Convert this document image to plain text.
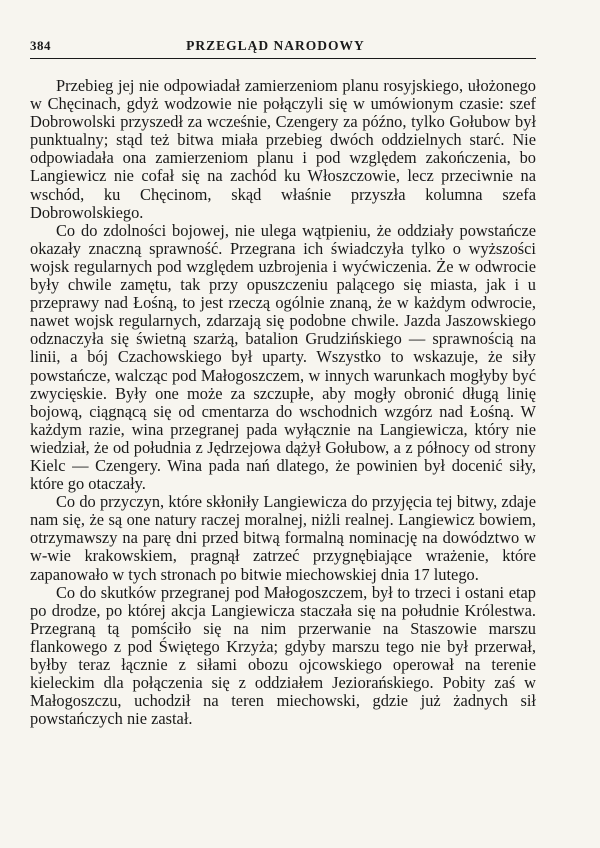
384	PRZEGLĄD NARODOWY

Przebieg jej nie odpowiadał zamierzeniom planu rosyjskiego, ułożonego w Chęcinach, gdyż wodzowie nie połączyli się w umówionym czasie: szef Dobrowolski przyszedł za wcześnie, Czengery za późno, tylko Gołubow był punktualny; stąd też bitwa miała przebieg dwóch oddzielnych starć. Nie odpowiadała ona zamierzeniom planu i pod względem zakończenia, bo Langiewicz nie cofał się na zachód ku Włoszczowie, lecz przeciwnie na wschód, ku Chęcinom, skąd właśnie przyszła kolumna szefa Dobrowolskiego.

Co do zdolności bojowej, nie ulega wątpieniu, że oddziały powstańcze okazały znaczną sprawność. Przegrana ich świadczyła tylko o wyższości wojsk regularnych pod względem uzbrojenia i wyćwiczenia. Że w odwrocie były chwile zamętu, tak przy opuszczeniu palącego się miasta, jak i u przeprawy nad Łośną, to jest rzeczą ogólnie znaną, że w każdym odwrocie, nawet wojsk regularnych, zdarzają się podobne chwile. Jazda Jaszowskiego odznaczyła się świetną szarżą, batalion Grudzińskiego — sprawnością na linii, a bój Czachowskiego był uparty. Wszystko to wskazuje, że siły powstańcze, walcząc pod Małogoszczem, w innych warunkach mogłyby być zwycięskie. Były one może za szczupłe, aby mogły obronić długą linię bojową, ciągnącą się od cmentarza do wschodnich wzgórz nad Łośną. W każdym razie, wina przegranej pada wyłącznie na Langiewicza, który nie wiedział, że od południa z Jędrzejowa dążył Gołubow, a z północy od strony Kielc — Czengery. Wina pada nań dlatego, że powinien był docenić siły, które go otaczały.

Co do przyczyn, które skłoniły Langiewicza do przyjęcia tej bitwy, zdaje nam się, że są one natury raczej moralnej, niżli realnej. Langiewicz bowiem, otrzymawszy na parę dni przed bitwą formalną nominację na dowództwo w w-wie krakowskiem, pragnął zatrzeć przygnębiające wrażenie, które zapanowało w tych stronach po bitwie miechowskiej dnia 17 lutego.

Co do skutków przegranej pod Małogoszczem, był to trzeci i ostani etap po drodze, po której akcja Langiewicza staczała się na południe Królestwa. Przegraną tą pomściło się na nim przerwanie na Staszowie marszu flankowego z pod Świętego Krzyża; gdyby marszu tego nie był przerwał, byłby teraz łącznie z siłami obozu ojcowskiego operował na terenie kieleckim dla połączenia się z oddziałem Jeziorańskiego. Pobity zaś w Małogoszczu, uchodził na teren miechowski, gdzie już żadnych sił powstańczych nie zastał.
